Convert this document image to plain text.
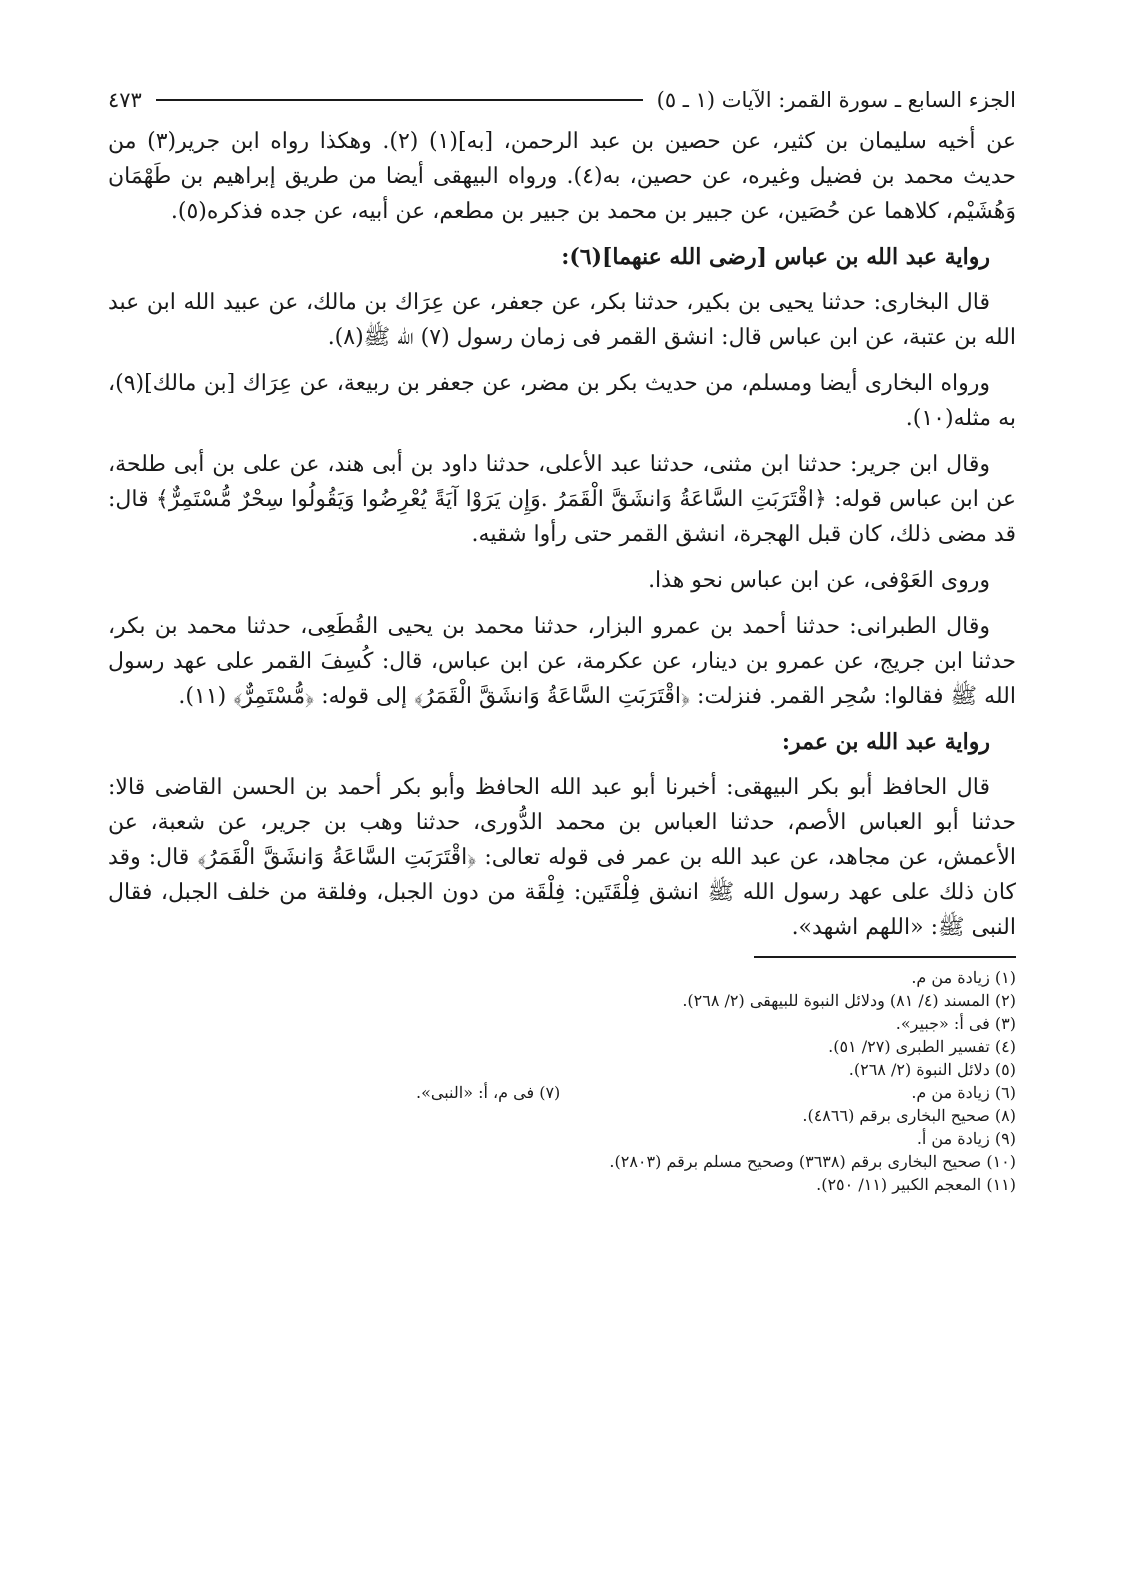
الجزء السابع ـ سورة القمر: الآيات (١ ـ ٥)
٤٧٣

عن أخيه سليمان بن كثير، عن حصين بن عبد الرحمن، [به](١) (٢). وهكذا رواه ابن جرير(٣) من حديث محمد بن فضيل وغيره، عن حصين، به(٤). ورواه البيهقى أيضا من طريق إبراهيم بن طَهْمَان وَهُشَيْم، كلاهما عن حُصَين، عن جبير بن محمد بن جبير بن مطعم، عن أبيه، عن جده فذكره(٥).

رواية عبد الله بن عباس [رضى الله عنهما](٦):

قال البخارى: حدثنا يحيى بن بكير، حدثنا بكر، عن جعفر، عن عِرَاك بن مالك، عن عبيد الله ابن عبد الله بن عتبة، عن ابن عباس قال: انشق القمر فى زمان رسول (٧) الله ﷺ(٨).

ورواه البخارى أيضا ومسلم، من حديث بكر بن مضر، عن جعفر بن ربيعة، عن عِرَاك [بن مالك](٩)، به مثله(١٠).

وقال ابن جرير: حدثنا ابن مثنى، حدثنا عبد الأعلى، حدثنا داود بن أبى هند، عن على بن أبى طلحة، عن ابن عباس قوله: ﴿اقْتَرَبَتِ السَّاعَةُ وَانشَقَّ الْقَمَرُ .وَإِن يَرَوْا آيَةً يُعْرِضُوا وَيَقُولُوا سِحْرٌ مُّسْتَمِرٌّ﴾ قال: قد مضى ذلك، كان قبل الهجرة، انشق القمر حتى رأوا شقيه.

وروى العَوْفى، عن ابن عباس نحو هذا.

وقال الطبرانى: حدثنا أحمد بن عمرو البزار، حدثنا محمد بن يحيى القُطَعِى، حدثنا محمد بن بكر، حدثنا ابن جريج، عن عمرو بن دينار، عن عكرمة، عن ابن عباس، قال: كُسِفَ القمر على عهد رسول الله ﷺ فقالوا: سُحِر القمر. فنزلت: ﴿اقْتَرَبَتِ السَّاعَةُ وَانشَقَّ الْقَمَرُ﴾ إلى قوله: ﴿مُّسْتَمِرٌّ﴾ (١١).

رواية عبد الله بن عمر:

قال الحافظ أبو بكر البيهقى: أخبرنا أبو عبد الله الحافظ وأبو بكر أحمد بن الحسن القاضى قالا: حدثنا أبو العباس الأصم، حدثنا العباس بن محمد الدُّورى، حدثنا وهب بن جرير، عن شعبة، عن الأعمش، عن مجاهد، عن عبد الله بن عمر فى قوله تعالى: ﴿اقْتَرَبَتِ السَّاعَةُ وَانشَقَّ الْقَمَرُ﴾ قال: وقد كان ذلك على عهد رسول الله ﷺ انشق فِلْقَتَين: فِلْقَة من دون الجبل، وفلقة من خلف الجبل، فقال النبى ﷺ: «اللهم اشهد».

(١) زيادة من م.

(٢) المسند (٤/ ٨١) ودلائل النبوة للبيهقى (٢/ ٢٦٨).

(٣) فى أ: «جبير».

(٤) تفسير الطبرى (٢٧/ ٥١).

(٥) دلائل النبوة (٢/ ٢٦٨).

(٦) زيادة من م.

(٧) فى م، أ: «النبى».

(٨) صحيح البخارى برقم (٤٨٦٦).

(٩) زيادة من أ.

(١٠) صحيح البخارى برقم (٣٦٣٨) وصحيح مسلم برقم (٢٨٠٣).

(١١) المعجم الكبير (١١/ ٢٥٠).
